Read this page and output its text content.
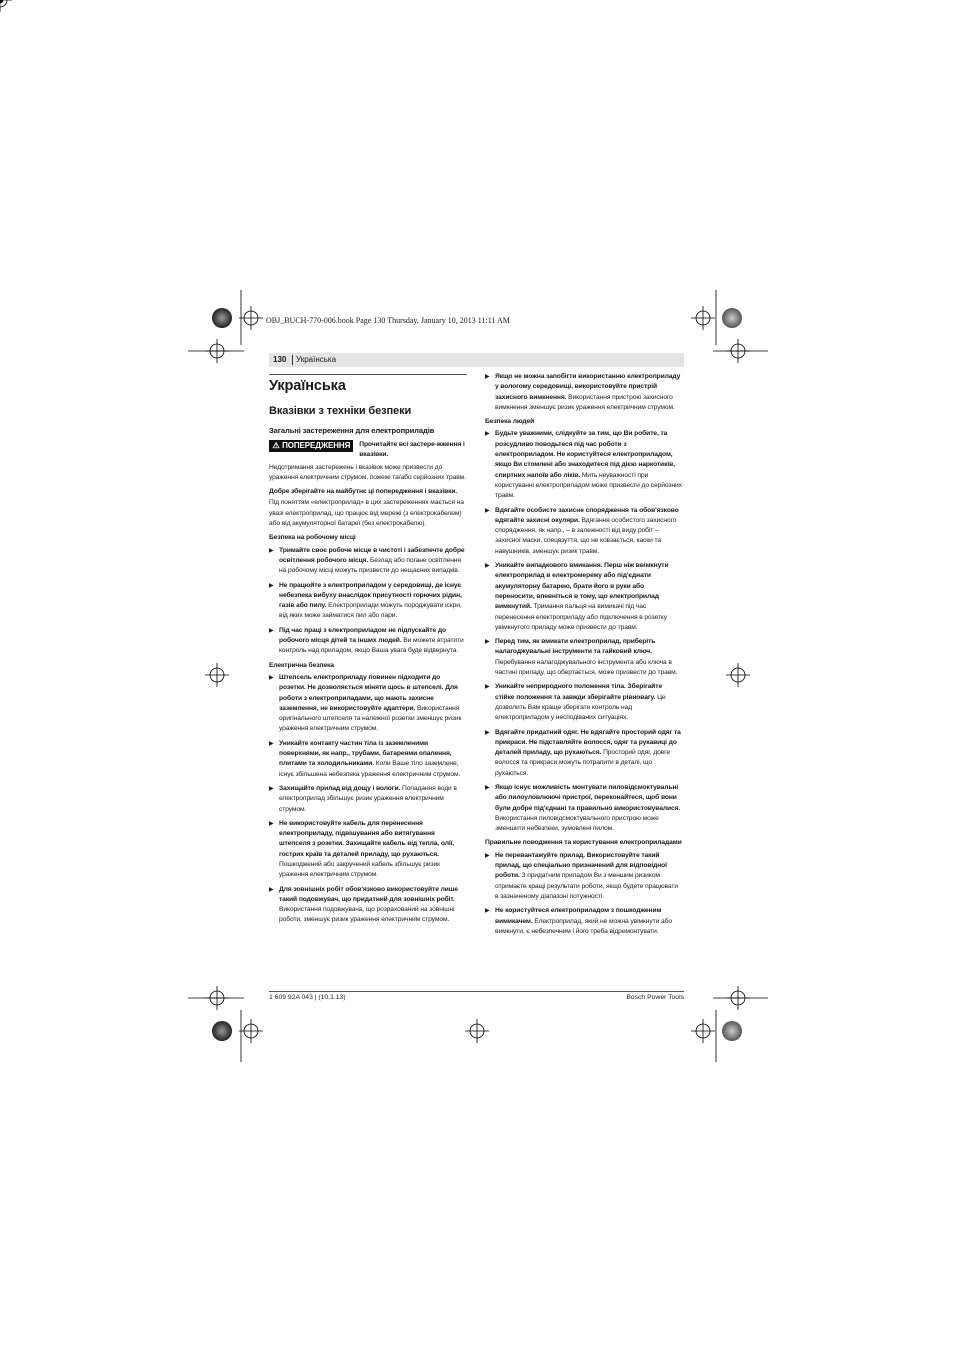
OBJ_BUCH-770-006.book Page 130 Thursday, January 10, 2013 11:11 AM
130	Українська
Українська
Вказівки з техніки безпеки
Загальні застереження для електроприладів
⚠ ПОПЕРЕДЖЕННЯ	Прочитайте всі застере-жження і вказівки.

Недотримання застережень і вказівок може призвести до ураження електричним струмом, пожежі та/або серйозних травм.

Добре зберігайте на майбутнє ці попередження і вказівки.

Під поняттям «електроприлад» в цих застереженнях мається на увазі електроприлад, що працює від мережі (з електрокабелем) або від акумуляторної батареї (без електрокабелю).

Безпека на робочому місці
▶ Тримайте своє робоче місце в чистоті і забезпечте добре освітлення робочого місця. Безлад або погане освітлення на робочому місці можуть призвести до нещасних випадків.
▶ Не працюйте з електроприладом у середовищі, де існує небезпека вибуху внаслідок присутності горючих рідин, газів або пилу. Електроприлади можуть породжувати іскри, від яких може займатися пил або пари.
▶ Під час праці з електроприладом не підпускайте до робочого місця дітей та інших людей. Ви можете втратити контроль над приладом, якщо Ваша увага буде відвернута.
Електрична безпека
▶ Штепсель електроприладу повинен підходити до розетки. Не дозволяється міняти щось в штепселі. Для роботи з електроприладами, що мають захисне заземлення, не використовуйте адаптери. Використання оригінального штепселя та належної розетки зменшує ризик ураження електричним струмом.
▶ Уникайте контакту частин тіла із заземленими поверхнями, як напр., трубами, батареями опалення, плитами та холодильниками. Коли Ваше тіло заземлене, існує збільшена небезпека ураження електричним струмом.
▶ Захищайте прилад від дощу і вологи. Попадання води в електроприлад збільшує ризик ураження електричним струмом.
▶ Не використовуйте кабель для перенесення електроприладу, підвішування або витягування штепселя з розетки. Захищайте кабель від тепла, олії, гострих країв та деталей приладу, що рухаються. Пошкоджений або закручений кабель збільшує ризик ураження електричним струмом.
▶ Для зовнішніх робіт обов'язково використовуйте лише такий подовжувач, що придатний для зовнішніх робіт. Використання подовжувача, що розрахований на зовнішні роботи, зменшує ризик ураження електричним струмом.
▶ Якщо не можна запобігти використанню електроприладу у вологому середовищі, використовуйте пристрій захисного вимкнення. Використання пристрою захисного вимкнення зменшує ризик ураження електричним струмом.
Безпека людей
▶ Будьте уважними, слідкуйте за тим, що Ви робите, та розсудливо поводьтеся під час роботи з електроприладом. Не користуйтеся електроприладом, якщо Ви стомлені або знаходитеся під дією наркотиків, спиртних напоїв або ліків. Мить неуважності при користуванні електроприладом може призвести до серйозних травм.
▶ Вдягайте особисте захисне спорядження та обов'язково вдягайте захисні окуляри. Вдягання особистого захисного спорядження, як напр., – в залежності від виду робіт – захисної маски, спецвзуття, що не ковзається, каски та навушників, зменшує ризик травм.
▶ Уникайте випадкового вмикання. Перш ніж ввімкнути електроприлад в електромережу або під'єднати акумуляторну батарею, брати його в руки або переносити, впевніться в тому, що електроприлад вимкнутий. Тримання пальця на вимикачі під час перенесення електроприладу або підключення в розетку увімкнутого приладу може призвести до травм.
▶ Перед тим, як вмикати електроприлад, приберіть налагоджувальні інструменти та гайковий ключ. Перебування налагоджувального інструмента або ключа в частині приладу, що обертається, може призвести до травм.
▶ Уникайте неприродного положення тіла. Зберігайте стійке положення та завжди зберігайте рівновагу. Це дозволить Вам краще зберігати контроль над електроприладом у несподіваних ситуаціях.
▶ Вдягайте придатний одяг. Не вдягайте просторий одяг та прикраси. Не підставляйте волосся, одяг та рукавиці до деталей приладу, що рухаються. Просторий одяг, довге волосся та прикраси можуть потрапити в деталі, що рухаються.
▶ Якщо існує можливість монтувати пиловідсмоктувальні або пилоуловлюючі пристрої, переконайтеся, щоб вони були добре під'єднані та правильно використовувалися. Використання пиловідсмоктувального пристрою може зменшити небезпеки, зумовлені пилом.
Правильне поводження та користування електроприладами
▶ Не перевантажуйте прилад. Використовуйте такий прилад, що спеціально призначений для відповідної роботи. З придатним приладом Ви з меншим ризиком отримаєте кращі результати роботи, якщо будете працювати в зазначеному діапазоні потужності.
▶ Не користуйтеся електроприладом з пошкодженим вимикачем. Електроприлад, який не можна увімкнути або вимкнути, є небезпечним і його треба відремонтувати.
1 609 92A 043 | (10.1.13)	Bosch Power Tools
